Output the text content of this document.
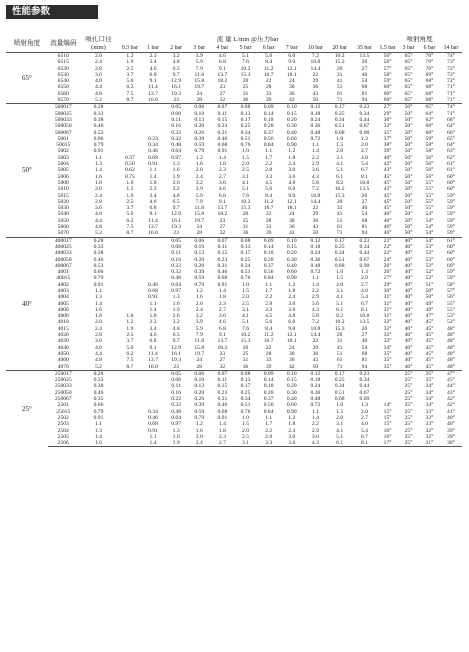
性能参数
喷射角度	流量编码	喷孔口径(mm)	流 量 L/min @压力bar											喷射角度			
			0.3 bar	1 bar	2 bar	3 bar	4 bar	5 bar	6 bar	7 bar	10 bar	20 bar	35 bar	1.5 bar	3 bar	6 bar	14 bar
65°	6510	2.0	1.2	2.3	3.2	3.9	4.6	5.1	5.6	6.0	7.2	10.2	13.5	56°	65°	70°	74°
	6515	2.4	1.9	3.4	4.8	5.9	6.8	7.6	8.4	9.0	10.8	15.3	20	56°	65°	70°	73°
	6520	2.8	2.5	4.6	6.5	7.9	9.1	10.2	11.2	12.1	14.4	20	27	57°	65°	70°	72°
	6530	3.6	3.7	6.8	9.7	11.8	13.7	15.3	16.7	18.1	22	31	40	58°	65°	69°	72°
	6540	4.0	5.0	9.1	12.9	15.8	18.2	20	22	24	29	41	54	59°	65°	68°	72°
	6550	4.4	6.2	11.4	16.1	19.7	23	25	28	30	36	51	68	60°	65°	68°	71°
	6560	4.8	7.5	13.7	19.3	24	27	31	33	36	43	61	81	60°	65°	68°	71°
	6570	5.2	8.7	16.0	23	28	32	36	39	42	50	71	94	60°	65°	68°	71°
50°	500017	0.28			0.05	0.06	0.07	0.08	0.09	0.10	0.12	0.17	0.23	27°	50°	65°	74°
	500025	0.33			0.08	0.10	0.11	0.13	0.14	0.15	0.18	0.25	0.34	29°	50°	64°	71°
	500033	0.38			0.11	0.13	0.15	0.17	0.18	0.20	0.24	0.34	0.44	30°	50°	62°	68°
	500050	0.46			0.16	0.20	0.23	0.25	0.28	0.30	0.36	0.51	0.67	32°	50°	60°	64°
	500067	0.53			0.22	0.26	0.31	0.34	0.37	0.40	0.48	0.68	0.90	35°	50°	60°	66°
	5001	0.66		0.23	0.32	0.39	0.46	0.51	0.56	0.60	0.72	1.0	1.3	37°	50°	59°	65°
	50015	0.79		0.34	0.48	0.59	0.68	0.76	0.84	0.90	1.1	1.5	2.0	38°	50°	58°	64°
	5002	0.91		0.46	0.64	0.79	0.91	1.0	1.1	1.2	1.4	2.0	2.7	39°	50°	58°	63°
	5003	1.1	0.37	0.68	0.97	1.2	1.4	1.5	1.7	1.8	2.2	3.1	4.0	40°	50°	56°	62°
	5004	1.3	0.50	0.91	1.3	1.6	1.8	2.0	2.2	2.4	2.9	4.1	5.4	42°	50°	56°	61°
	5005	1.4	0.62	1.1	1.6	2.0	2.3	2.5	2.8	3.0	3.6	5.1	6.7	43°	50°	56°	61°
	5006	1.6	0.75	1.4	1.9	2.4	2.7	3.1	3.3	3.6	4.3	6.1	8.1	45°	50°	56°	60°
	5008	1.8	1.0	1.8	2.6	3.2	3.6	4.1	4.5	4.8	5.8	8.2	10.8	45°	50°	55°	60°
	5010	2.0	1.2	2.3	3.2	3.9	4.6	5.1	5.6	6.0	7.2	10.2	13.5	45°	50°	55°	60°
	5015	2.4	1.9	3.4	4.8	5.9	6.8	7.6	8.4	9.0	10.8	15.3	20	45°	50°	55°	59°
	5020	2.8	2.5	4.6	6.5	7.9	9.1	10.2	11.2	12.1	14.4	20	27	45°	50°	55°	59°
	5030	3.6	3.7	6.8	9.7	11.8	13.7	15.3	16.7	18.1	22	31	40	45°	50°	55°	59°
	5040	4.0	5.0	9.1	12.9	15.8	18.2	20	22	24	29	41	54	46°	50°	54°	59°
	5050	4.4	6.2	11.4	16.1	19.7	23	25	28	30	36	51	68	46°	50°	54°	59°
	5060	4.8	7.5	13.7	19.3	24	27	31	33	36	43	61	81	46°	50°	54°	59°
	5070	5.2	8.7	16.0	23	28	32	36	39	42	50	71	94	46°	50°	54°	59°
40°	400017	0.28			0.05	0.06	0.07	0.08	0.09	0.10	0.12	0.17	0.23	21°	40°	54°	61°
	400025	0.33			0.08	0.10	0.11	0.13	0.14	0.15	0.18	0.25	0.34	22°	40°	53°	60°
	400033	0.38			0.11	0.13	0.15	0.17	0.18	0.20	0.24	0.34	0.44	22°	40°	53°	60°
	400050	0.46			0.16	0.20	0.23	0.25	0.28	0.30	0.36	0.51	0.67	24°	40°	53°	60°
	400067	0.53			0.22	0.26	0.31	0.34	0.37	0.40	0.48	0.68	0.90	26°	40°	53°	60°
	4001	0.66			0.32	0.39	0.46	0.51	0.56	0.60	0.72	1.0	1.3	26°	40°	52°	59°
	40015	0.79			0.48	0.59	0.68	0.76	0.84	0.90	1.1	1.5	2.0	27°	40°	52°	59°
	4002	0.91		0.46	0.64	0.79	0.91	1.0	1.1	1.2	1.4	2.0	2.7	29°	40°	51°	58°
	4003	1.1		0.68	0.97	1.2	1.4	1.5	1.7	1.8	2.2	3.1	4.0	30°	40°	50°	57°
	4004	1.3		0.91	1.3	1.6	1.8	2.0	2.2	2.4	2.9	4.1	5.4	31°	40°	50°	56°
	4005	1.4		1.1	1.6	2.0	2.3	2.5	2.8	3.0	3.6	5.1	6.7	31°	40°	49°	55°
	4006	1.6		1.4	1.9	2.4	2.7	3.1	3.3	3.6	4.3	6.1	8.1	31°	40°	49°	55°
	4008	1.8	1.0	1.8	2.6	3.2	3.6	4.1	4.5	4.8	5.8	8.2	10.8	31°	40°	47°	53°
	4010	2.0	1.2	2.3	3.2	3.9	4.6	5.1	5.6	6.0	7.2	10.2	13.5	32°	40°	45°	52°
	4015	2.4	1.9	3.4	4.8	5.9	6.8	7.6	8.4	9.0	10.8	15.3	20	32°	40°	45°	48°
	4020	2.8	2.5	4.6	6.5	7.9	9.1	10.2	11.2	12.1	14.4	20	27	32°	40°	45°	48°
	4030	3.6	3.7	6.8	9.7	11.8	13.7	15.3	16.7	18.1	22	31	40	33°	40°	45°	48°
	4040	4.0	5.0	9.1	12.9	15.8	18.2	20	22	24	29	41	54	34°	40°	45°	48°
	4050	4.4	6.2	11.4	16.1	19.7	23	25	28	30	36	51	68	35°	40°	45°	48°
	4060	4.8	7.5	13.7	19.3	24	27	31	33	36	43	61	81	35°	40°	45°	48°
	4070	5.2	8.7	16.0	23	28	32	36	39	42	50	71	94	35°	40°	45°	48°
25°	250017	0.28			0.05	0.06	0.07	0.08	0.09	0.10	0.12	0.17	0.23		25°	35°	47°
	250025	0.33			0.08	0.10	0.11	0.13	0.14	0.15	0.18	0.25	0.34		25°	35°	45°
	250033	0.38			0.11	0.13	0.15	0.17	0.18	0.20	0.24	0.34	0.44		25°	34°	44°
	250050	0.46			0.16	0.20	0.23	0.25	0.28	0.30	0.36	0.51	0.67		25°	34°	43°
	250067	0.35			0.22	0.26	0.31	0.34	0.37	0.40	0.48	0.68	0.69		25°	34°	42°
	2501	0.66			0.32	0.39	0.46	0.51	0.56	0.60	0.72	1.0	1.3	14°	25°	34°	42°
	25015	0.79		0.34	0.48	0.59	0.68	0.76	0.84	0.90	1.1	1.5	2.0	15°	25°	33°	41°
	2502	0.91		0.46	0.64	0.79	0.91	1.0	1.1	1.2	1.4	2.0	2.7	15°	25°	33°	40°
	2503	1.1		0.68	0.97	1.2	1.4	1.5	1.7	1.8	2.2	3.1	4.0	15°	25°	33°	40°
	2504	1.3		0.91	1.3	1.6	1.8	2.0	2.2	2.4	2.9	4.1	5.4	16°	25°	32°	39°
	2505	1.4		1.1	1.6	2.0	2.3	2.5	2.8	3.0	3.6	5.1	6.7	16°	25°	32°	39°
	2506	1.6		1.4	1.9	2.4	2.7	3.1	3.3	3.6	4.3	6.1	8.1	17°	25°	31°	38°
